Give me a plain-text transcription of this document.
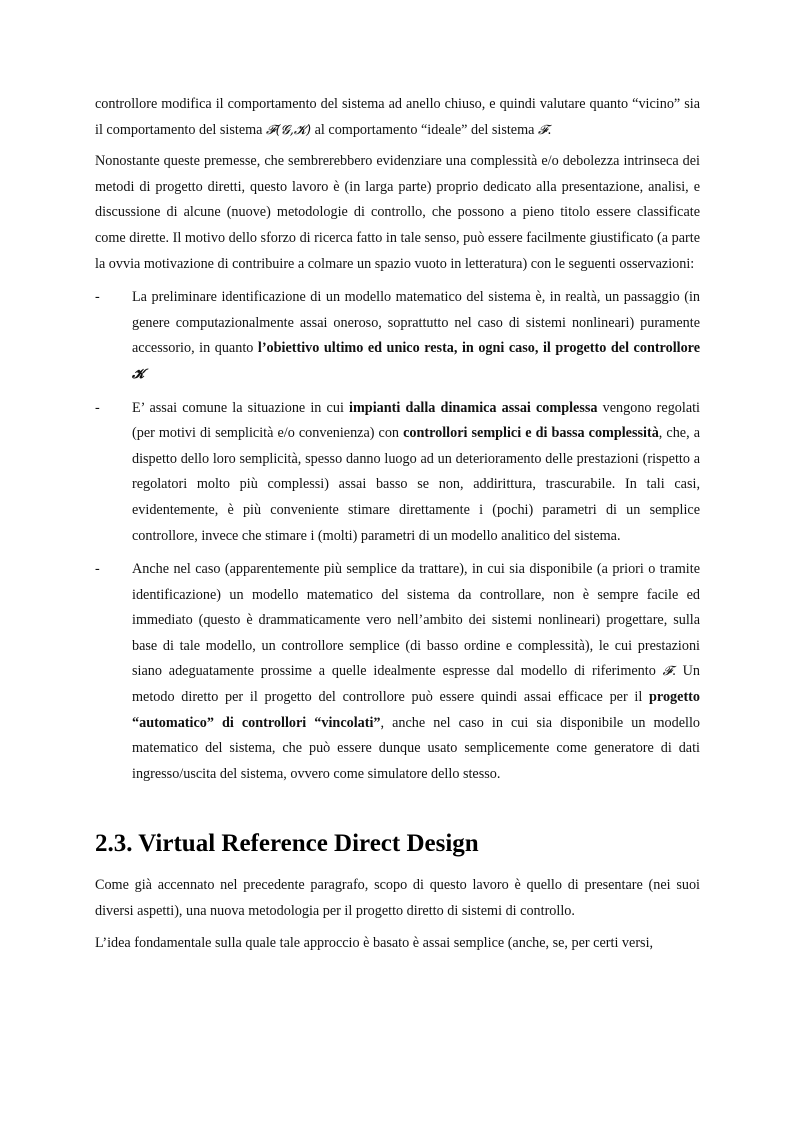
controllore modifica il comportamento del sistema ad anello chiuso, e quindi valutare quanto “vicino” sia il comportamento del sistema 𝓕(𝓖,𝓚) al comportamento “ideale” del sistema 𝓕.

Nonostante queste premesse, che sembrerebbero evidenziare una complessità e/o debolezza intrinseca dei metodi di progetto diretti, questo lavoro è (in larga parte) proprio dedicato alla presentazione, analisi, e discussione di alcune (nuove) metodologie di controllo, che possono a pieno titolo essere classificate come dirette. Il motivo dello sforzo di ricerca fatto in tale senso, può essere facilmente giustificato (a parte la ovvia motivazione di contribuire a colmare un spazio vuoto in letteratura) con le seguenti osservazioni:

-	La preliminare identificazione di un modello matematico del sistema è, in realtà, un passaggio (in genere computazionalmente assai oneroso, soprattutto nel caso di sistemi nonlineari) puramente accessorio, in quanto l’obiettivo ultimo ed unico resta, in ogni caso, il progetto del controllore 𝓚

-	E’ assai comune la situazione in cui impianti dalla dinamica assai complessa vengono regolati (per motivi di semplicità e/o convenienza) con controllori semplici e di bassa complessità, che, a dispetto dello loro semplicità, spesso danno luogo ad un deterioramento delle prestazioni (rispetto a regolatori molto più complessi) assai basso se non, addirittura, trascurabile. In tali casi, evidentemente, è più conveniente stimare direttamente i (pochi) parametri di un semplice controllore, invece che stimare i (molti) parametri di un modello analitico del sistema.

-	Anche nel caso (apparentemente più semplice da trattare), in cui sia disponibile (a priori o tramite identificazione) un modello matematico del sistema da controllare, non è sempre facile ed immediato (questo è drammaticamente vero nell’ambito dei sistemi nonlineari) progettare, sulla base di tale modello, un controllore semplice (di basso ordine e complessità), le cui prestazioni siano adeguatamente prossime a quelle idealmente espresse dal modello di riferimento 𝓕. Un metodo diretto per il progetto del controllore può essere quindi assai efficace per il progetto “automatico” di controllori “vincolati”, anche nel caso in cui sia disponibile un modello matematico del sistema, che può essere dunque usato semplicemente come generatore di dati ingresso/uscita del sistema, ovvero come simulatore dello stesso.

2.3. Virtual Reference Direct Design

Come già accennato nel precedente paragrafo, scopo di questo lavoro è quello di presentare (nei suoi diversi aspetti), una nuova metodologia per il progetto diretto di sistemi di controllo.

L’idea fondamentale sulla quale tale approccio è basato è assai semplice (anche, se, per certi versi,
